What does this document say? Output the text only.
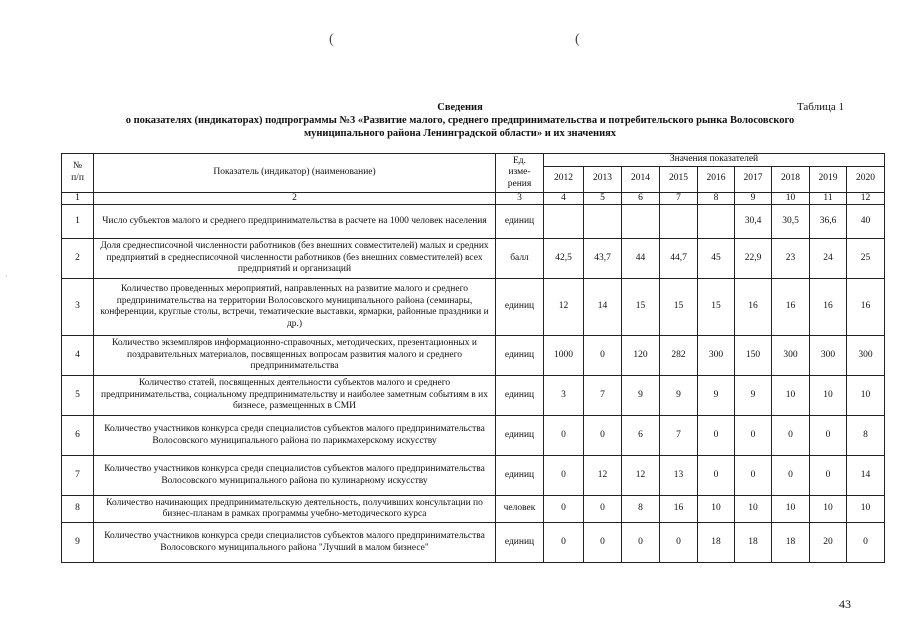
(	(
·
Сведения	Таблица 1
о показателях (индикаторах) подпрограммы №3 «Развитие малого, среднего предпринимательства и потребительского рынка Волосовского
муниципального района Ленинградской области» и их значениях
№
п/п	Показатель (индикатор) (наименование)	Ед.
изме-
рения	Значения показателей								
			2012	2013	2014	2015	2016	2017	2018	2019	2020
1	2	3	4	5	6	7	8	9	10	11	12
1	Число субъектов малого и среднего предпринимательства в расчете на 1000 человек населения	единиц						30,4	30,5	36,6	40
2	Доля среднесписочной численности работников (без внешних совместителей) малых и средних предприятий в среднесписочной численности работников (без внешних совместителей) всех предприятий и организаций	балл	42,5	43,7	44	44,7	45	22,9	23	24	25
3	Количество проведенных мероприятий, направленных на развитие малого и среднего предпринимательства на территории Волосовского муниципального района (семинары, конференции, круглые столы, встречи, тематические выставки, ярмарки, районные праздники и др.)	единиц	12	14	15	15	15	16	16	16	16
4	Количество экземпляров информационно-справочных, методических, презентационных и поздравительных материалов, посвященных вопросам развития малого и среднего предпринимательства	единиц	1000	0	120	282	300	150	300	300	300
5	Количество статей, посвященных деятельности субъектов малого и среднего предпринимательства, социальному предпринимательству и наиболее заметным событиям в их бизнесе, размещенных в СМИ	единиц	3	7	9	9	9	9	10	10	10
6	Количество участников конкурса среди специалистов субъектов малого предпринимательства Волосовского муниципального района по парикмахерскому искусству	единиц	0	0	6	7	0	0	0	0	8
7	Количество участников конкурса среди специалистов субъектов малого предпринимательства Волосовского муниципального района по кулинарному искусству	единиц	0	12	12	13	0	0	0	0	14
8	Количество начинающих предпринимательскую деятельность, получивших консультации по бизнес-планам в рамках программы учебно-методического курса	человек	0	0	8	16	10	10	10	10	10
9	Количество участников конкурса среди специалистов субъектов малого предпринимательства Волосовского муниципального района "Лучший в малом бизнесе"	единиц	0	0	0	0	18	18	18	20	0
43
